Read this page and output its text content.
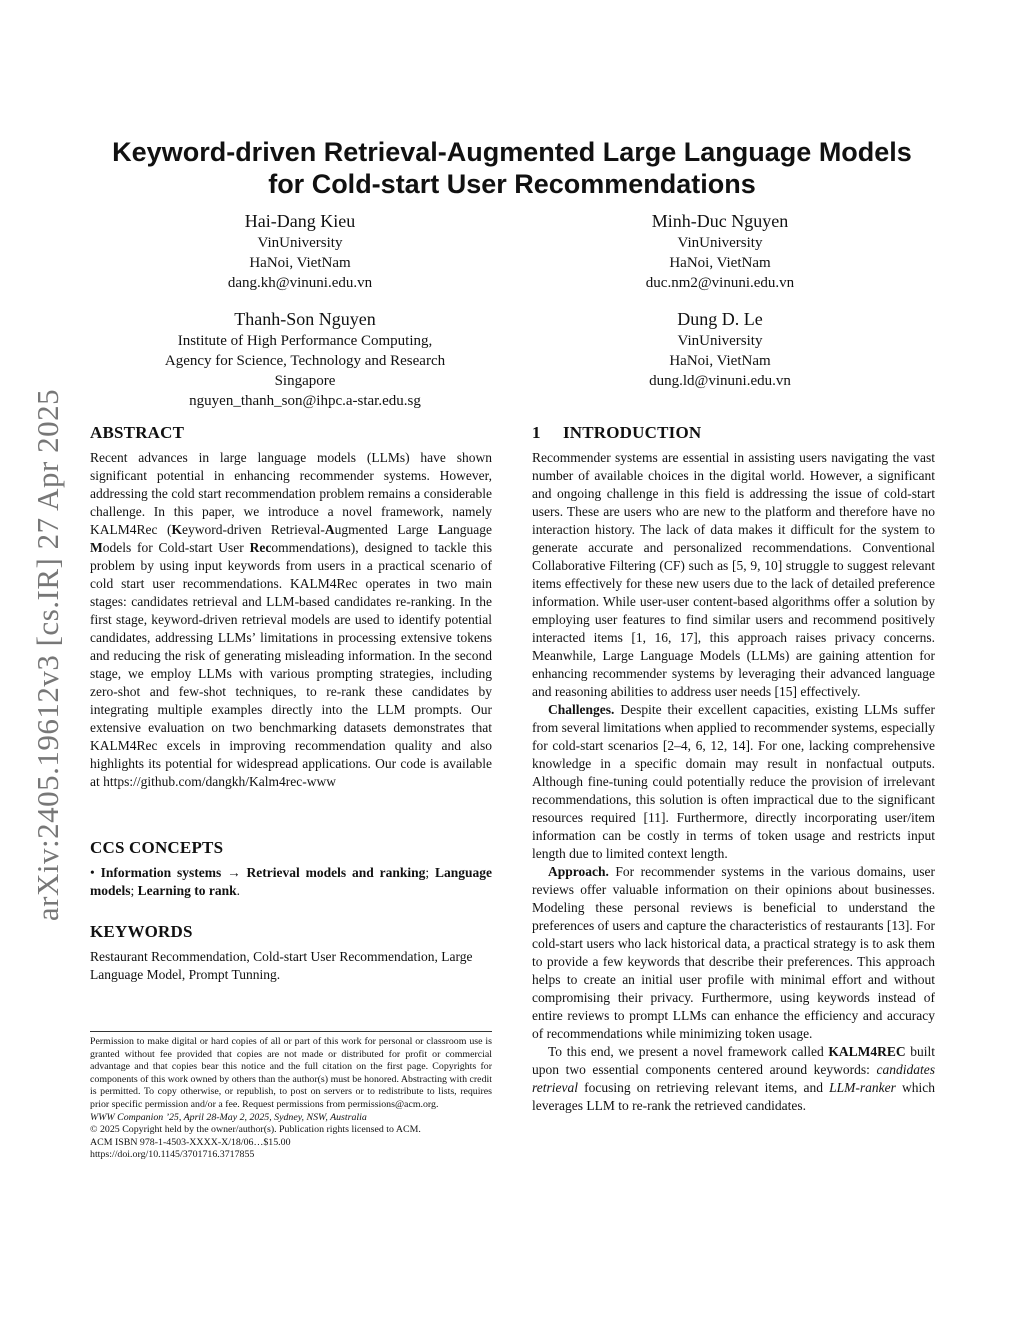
arXiv:2405.19612v3 [cs.IR] 27 Apr 2025
Keyword-driven Retrieval-Augmented Large Language Models
for Cold-start User Recommendations
Hai-Dang Kieu
VinUniversity
HaNoi, VietNam
dang.kh@vinuni.edu.vn
Minh-Duc Nguyen
VinUniversity
HaNoi, VietNam
duc.nm2@vinuni.edu.vn
Thanh-Son Nguyen
Institute of High Performance Computing,
Agency for Science, Technology and Research
Singapore
nguyen_thanh_son@ihpc.a-star.edu.sg
Dung D. Le
VinUniversity
HaNoi, VietNam
dung.ld@vinuni.edu.vn
ABSTRACT

Recent advances in large language models (LLMs) have shown significant potential in enhancing recommender systems. However, addressing the cold start recommendation problem remains a considerable challenge. In this paper, we introduce a novel framework, namely KALM4Rec (Keyword-driven Retrieval-Augmented Large Language Models for Cold-start User Recommendations), designed to tackle this problem by using input keywords from users in a practical scenario of cold start user recommendations. KALM4Rec operates in two main stages: candidates retrieval and LLM-based candidates re-ranking. In the first stage, keyword-driven retrieval models are used to identify potential candidates, addressing LLMs’ limitations in processing extensive tokens and reducing the risk of generating misleading information. In the second stage, we employ LLMs with various prompting strategies, including zero-shot and few-shot techniques, to re-rank these candidates by integrating multiple examples directly into the LLM prompts. Our extensive evaluation on two benchmarking datasets demonstrates that KALM4Rec excels in improving recommendation quality and also highlights its potential for widespread applications. Our code is available at https://github.com/dangkh/Kalm4rec-www

CCS CONCEPTS

• Information systems → Retrieval models and ranking; Language models; Learning to rank.

KEYWORDS

Restaurant Recommendation, Cold-start User Recommendation, Large Language Model, Prompt Tunning.

Permission to make digital or hard copies of all or part of this work for personal or classroom use is granted without fee provided that copies are not made or distributed for profit or commercial advantage and that copies bear this notice and the full citation on the first page. Copyrights for components of this work owned by others than the author(s) must be honored. Abstracting with credit is permitted. To copy otherwise, or republish, to post on servers or to redistribute to lists, requires prior specific permission and/or a fee. Request permissions from permissions@acm.org.

WWW Companion ’25, April 28-May 2, 2025, Sydney, NSW, Australia

© 2025 Copyright held by the owner/author(s). Publication rights licensed to ACM.

ACM ISBN 978-1-4503-XXXX-X/18/06…$15.00

https://doi.org/10.1145/3701716.3717855

1     INTRODUCTION

Recommender systems are essential in assisting users navigating the vast number of available choices in the digital world. However, a significant and ongoing challenge in this field is addressing the issue of cold-start users. These are users who are new to the platform and therefore have no interaction history. The lack of data makes it difficult for the system to generate accurate and personalized recommendations. Conventional Collaborative Filtering (CF) such as [5, 9, 10] struggle to suggest relevant items effectively for these new users due to the lack of detailed preference information. While user-user content-based algorithms offer a solution by employing user features to find similar users and recommend positively interacted items [1, 16, 17], this approach raises privacy concerns. Meanwhile, Large Language Models (LLMs) are gaining attention for enhancing recommender systems by leveraging their advanced language and reasoning abilities to address user needs [15] effectively.

Challenges. Despite their excellent capacities, existing LLMs suffer from several limitations when applied to recommender systems, especially for cold-start scenarios [2–4, 6, 12, 14]. For one, lacking comprehensive knowledge in a specific domain may result in nonfactual outputs. Although fine-tuning could potentially reduce the provision of irrelevant recommendations, this solution is often impractical due to the significant resources required [11]. Furthermore, directly incorporating user/item information can be costly in terms of token usage and restricts input length due to limited context length.

Approach. For recommender systems in the various domains, user reviews offer valuable information on their opinions about businesses. Modeling these personal reviews is beneficial to understand the preferences of users and capture the characteristics of restaurants [13]. For cold-start users who lack historical data, a practical strategy is to ask them to provide a few keywords that describe their preferences. This approach helps to create an initial user profile with minimal effort and without compromising their privacy. Furthermore, using keywords instead of entire reviews to prompt LLMs can enhance the efficiency and accuracy of recommendations while minimizing token usage.

To this end, we present a novel framework called KALM4REC built upon two essential components centered around keywords: candidates retrieval focusing on retrieving relevant items, and LLM-ranker which leverages LLM to re-rank the retrieved candidates.
